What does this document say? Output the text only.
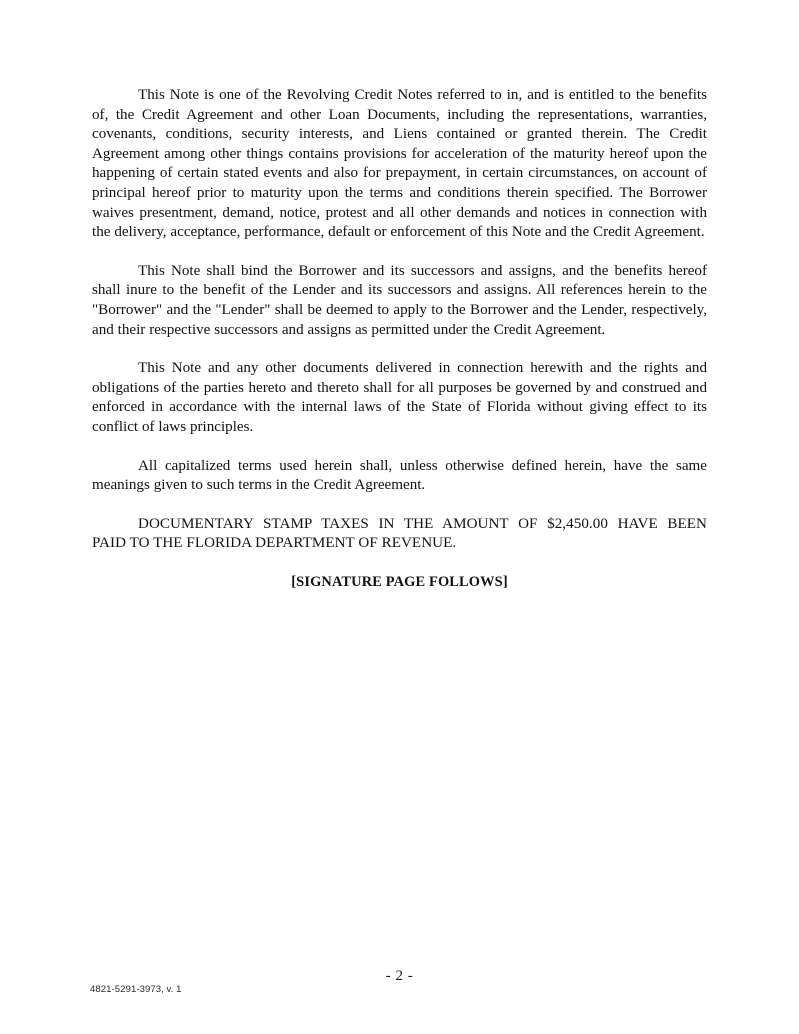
This Note is one of the Revolving Credit Notes referred to in, and is entitled to the benefits of, the Credit Agreement and other Loan Documents, including the representations, warranties, covenants, conditions, security interests, and Liens contained or granted therein. The Credit Agreement among other things contains provisions for acceleration of the maturity hereof upon the happening of certain stated events and also for prepayment, in certain circumstances, on account of principal hereof prior to maturity upon the terms and conditions therein specified. The Borrower waives presentment, demand, notice, protest and all other demands and notices in connection with the delivery, acceptance, performance, default or enforcement of this Note and the Credit Agreement.

This Note shall bind the Borrower and its successors and assigns, and the benefits hereof shall inure to the benefit of the Lender and its successors and assigns. All references herein to the "Borrower" and the "Lender" shall be deemed to apply to the Borrower and the Lender, respectively, and their respective successors and assigns as permitted under the Credit Agreement.

This Note and any other documents delivered in connection herewith and the rights and obligations of the parties hereto and thereto shall for all purposes be governed by and construed and enforced in accordance with the internal laws of the State of Florida without giving effect to its conflict of laws principles.

All capitalized terms used herein shall, unless otherwise defined herein, have the same meanings given to such terms in the Credit Agreement.

DOCUMENTARY STAMP TAXES IN THE AMOUNT OF $2,450.00 HAVE BEEN
PAID TO THE FLORIDA DEPARTMENT OF REVENUE.

[SIGNATURE PAGE FOLLOWS]

- 2 -
4821-5291-3973, v. 1
